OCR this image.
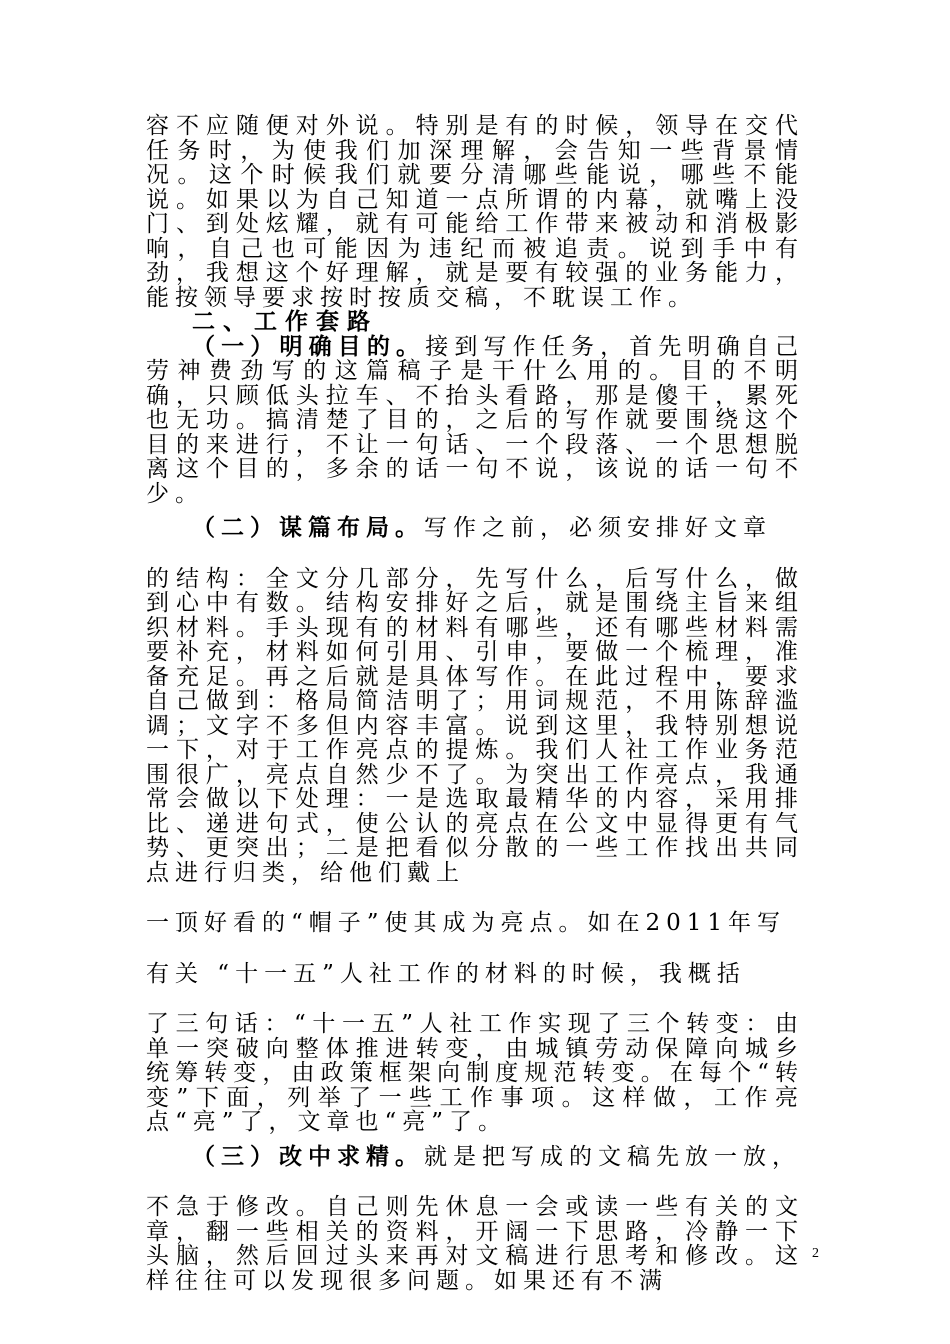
容不应随便对外说。特别是有的时候，领导在交代任务时，为使我们加深理解，会告知一些背景情况。这个时候我们就要分清哪些能说，哪些不能说。如果以为自己知道一点所谓的内幕，就嘴上没门、到处炫耀，就有可能给工作带来被动和消极影响，自己也可能因为违纪而被追责。说到手中有劲，我想这个好理解，就是要有较强的业务能力，能按领导要求按时按质交稿，不耽误工作。

二、工作套路

（一）明确目的。接到写作任务，首先明确自己劳神费劲写的这篇稿子是干什么用的。目的不明确，只顾低头拉车、不抬头看路，那是傻干，累死也无功。搞清楚了目的，之后的写作就要围绕这个目的来进行，不让一句话、一个段落、一个思想脱离这个目的，多余的话一句不说，该说的话一句不少。

（二）谋篇布局。写作之前，必须安排好文章

的结构：全文分几部分，先写什么，后写什么，做到心中有数。结构安排好之后，就是围绕主旨来组织材料。手头现有的材料有哪些，还有哪些材料需要补充，材料如何引用、引申，要做一个梳理，准备充足。再之后就是具体写作。在此过程中，要求自己做到：格局简洁明了；用词规范，不用陈辞滥调；文字不多但内容丰富。说到这里，我特别想说一下，对于工作亮点的提炼。我们人社工作业务范围很广，亮点自然少不了。为突出工作亮点，我通常会做以下处理：一是选取最精华的内容，采用排比、递进句式，使公认的亮点在公文中显得更有气势、更突出；二是把看似分散的一些工作找出共同点进行归类，给他们戴上

一顶好看的“帽子”使其成为亮点。如在2011年写

有关 “十一五”人社工作的材料的时候，我概括

了三句话：“十一五”人社工作实现了三个转变：由单一突破向整体推进转变，由城镇劳动保障向城乡统筹转变，由政策框架向制度规范转变。在每个“转变”下面，列举了一些工作事项。这样做，工作亮点“亮”了，文章也“亮”了。

（三）改中求精。就是把写成的文稿先放一放，

不急于修改。自己则先休息一会或读一些有关的文章，翻一些相关的资料，开阔一下思路，冷静一下头脑，然后回过头来再对文稿进行思考和修改。这样往往可以发现很多问题。如果还有不满

2
